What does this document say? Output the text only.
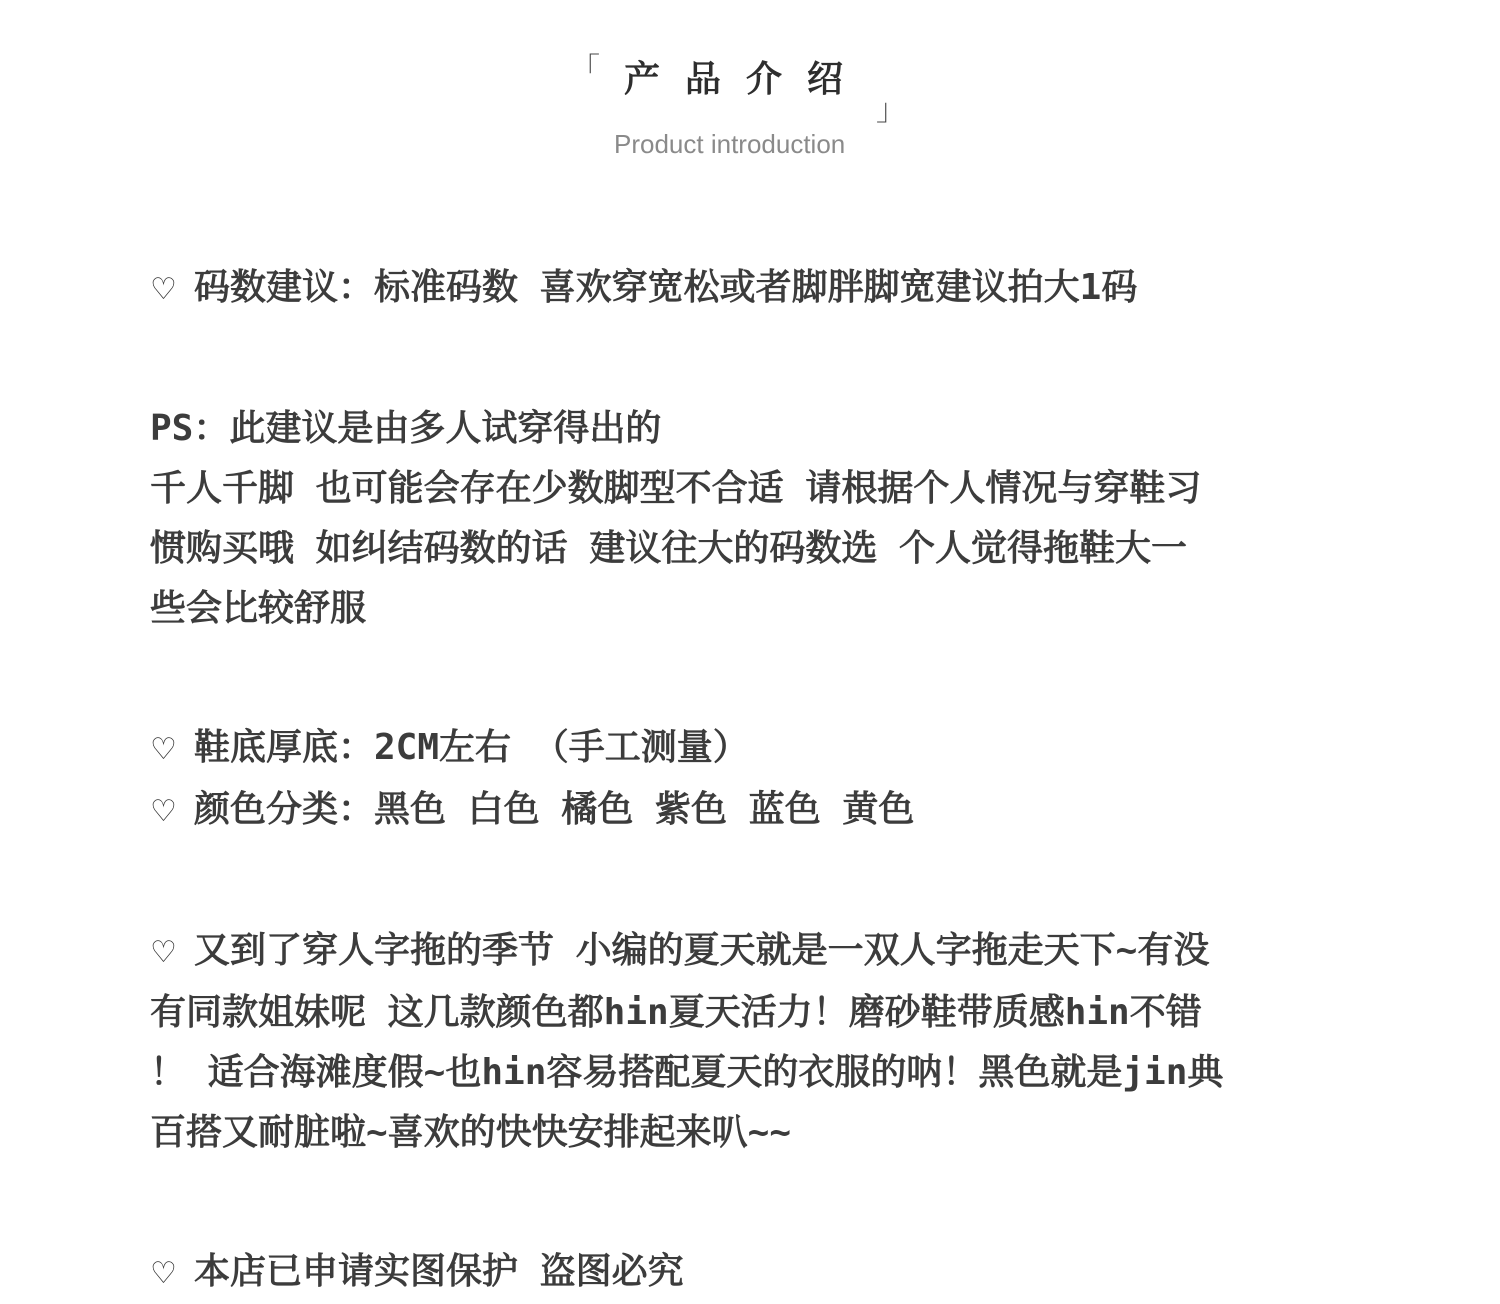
「 产品介绍
」
Product introduction
♡ 码数建议：标准码数 喜欢穿宽松或者脚胖脚宽建议拍大1码
PS：此建议是由多人试穿得出的
千人千脚 也可能会存在少数脚型不合适 请根据个人情况与穿鞋习
惯购买哦 如纠结码数的话 建议往大的码数选 个人觉得拖鞋大一
些会比较舒服
♡ 鞋底厚底：2CM左右 （手工测量）
♡ 颜色分类：黑色 白色 橘色 紫色 蓝色 黄色
♡ 又到了穿人字拖的季节 小编的夏天就是一双人字拖走天下~有没
有同款姐妹呢 这几款颜色都hin夏天活力！磨砂鞋带质感hin不错
！ 适合海滩度假~也hin容易搭配夏天的衣服的呐！黑色就是jin典
百搭又耐脏啦~喜欢的快快安排起来叭~~
♡ 本店已申请实图保护 盗图必究
